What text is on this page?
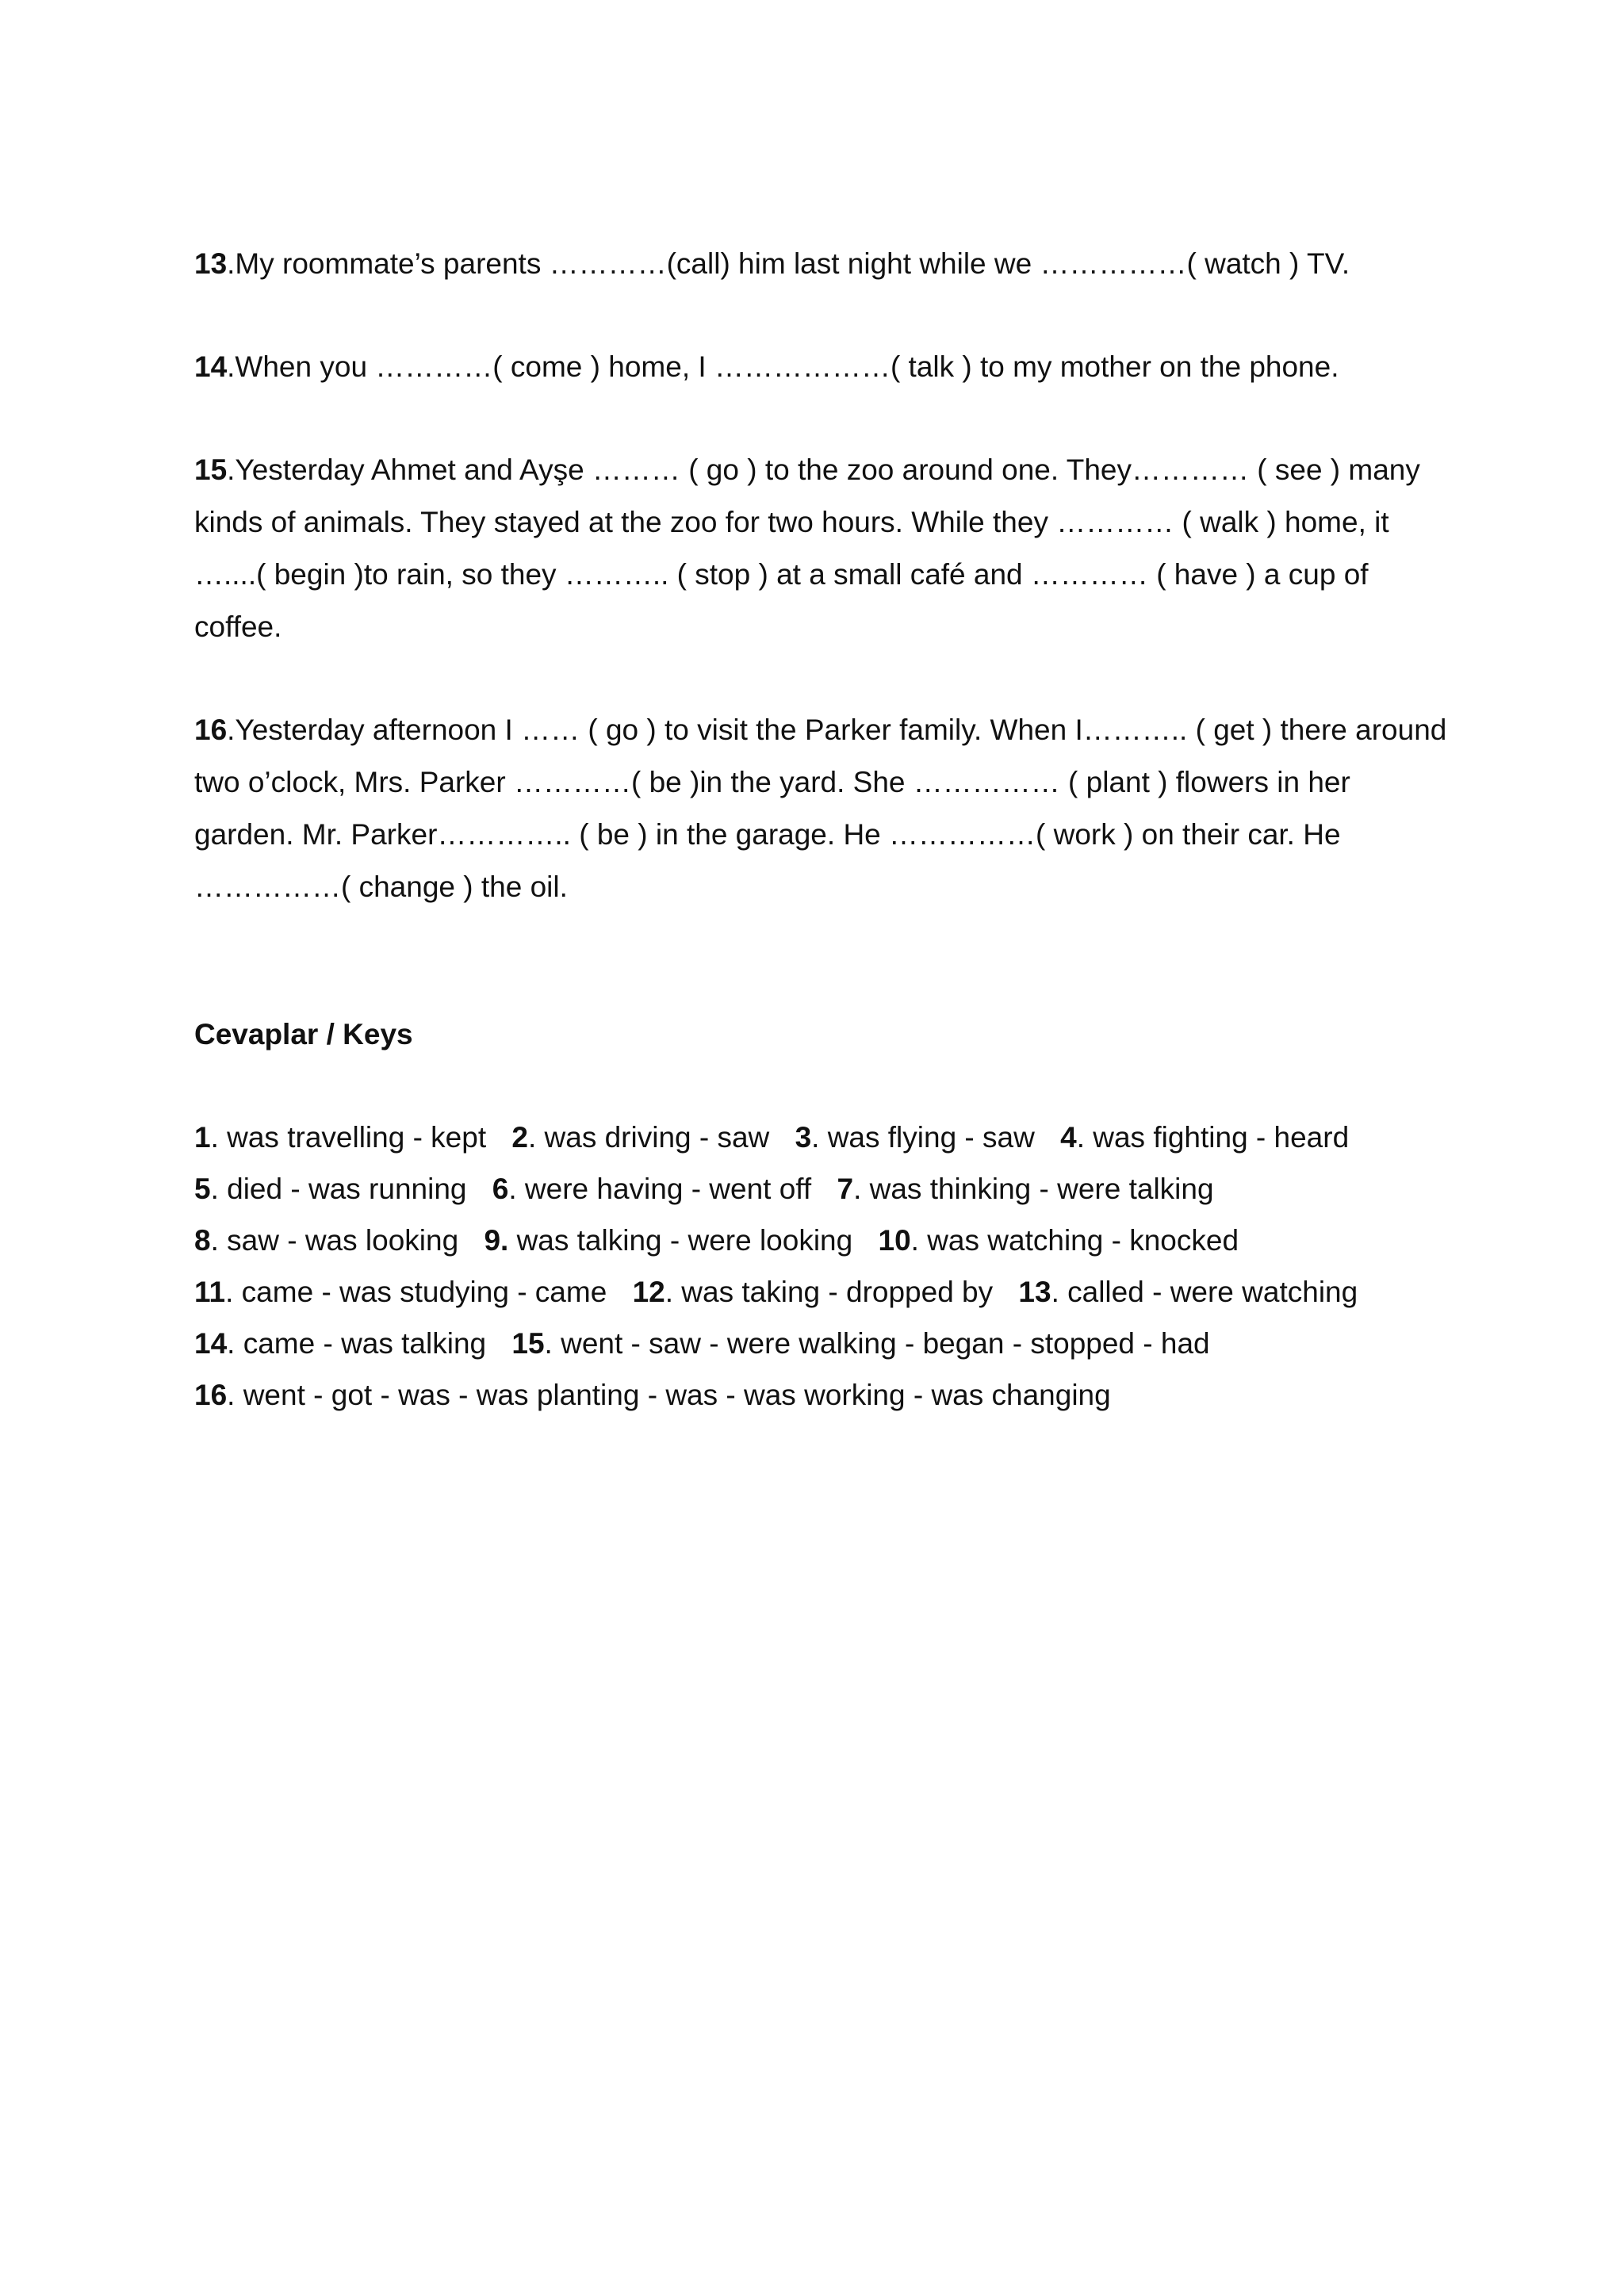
13.My roommate’s parents …………(call) him last night while we ……………( watch ) TV.

14.When you …………( come ) home, I ………………( talk ) to my mother on the phone.

15.Yesterday Ahmet and Ayşe ……… ( go ) to the zoo around one. They………… ( see ) many kinds of animals. They stayed at the zoo for two hours. While they ………… ( walk ) home, it …....( begin )to rain, so they ……….. ( stop ) at a small café and ………… ( have ) a cup of coffee.

16.Yesterday afternoon I …… ( go ) to visit the Parker family. When I……….. ( get ) there around two o’clock, Mrs. Parker …………( be )in the yard. She …………… ( plant ) flowers in her garden. Mr. Parker………….. ( be ) in the garage. He ……………( work ) on their car. He ……………( change ) the oil.

Cevaplar / Keys

1. was travelling - kept 2. was driving - saw 3. was flying - saw 4. was fighting - heard

5. died - was running 6. were having - went off 7. was thinking - were talking

8. saw - was looking 9. was talking - were looking 10. was watching - knocked

11. came - was studying - came 12. was taking - dropped by 13. called - were watching

14. came - was talking 15. went - saw - were walking - began - stopped - had

16. went - got - was - was planting - was - was working - was changing
